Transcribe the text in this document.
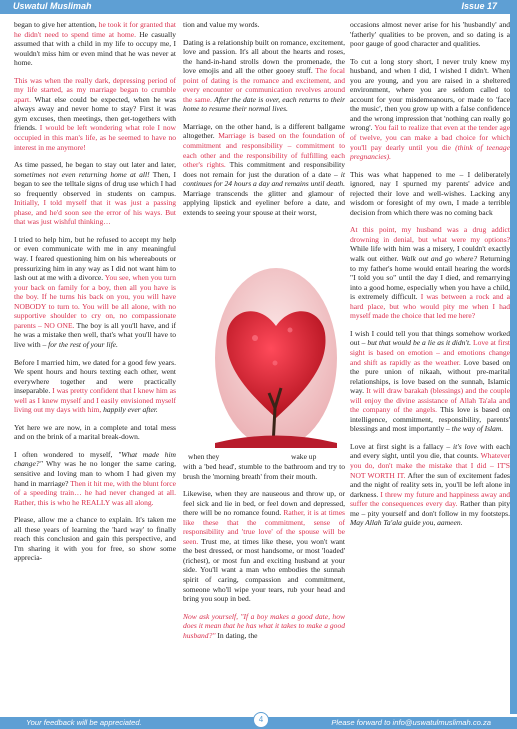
Uswatul Muslimah	Issue 17

began to give her attention, he took it for granted that he didn't need to spend time at home. He casually assumed that with a child in my life to occupy me, I wouldn't miss him or even mind that he was never at home.

This was when the really dark, depressing period of my life started, as my marriage began to crumble apart. What else could be expected, when he was always away and never home to stay? First it was gym excuses, then meetings, then get-togethers with friends. I would be left wondering what role I now occupied in this man's life, as he seemed to have no interest in me anymore!

As time passed, he began to stay out later and later, sometimes not even returning home at all! Then, I began to see the telltale signs of drug use which I had so frequently observed in students on campus. Initially, I told myself that it was just a passing phase, and he'd soon see the error of his ways. But that was just wishful thinking…

I tried to help him, but he refused to accept my help or even communicate with me in any meaningful way. I feared questioning him on his whereabouts or pressurizing him in any way as I did not want him to lash out at me with a divorce. You see, when you turn your back on family for a boy, then all you have is the boy. If he turns his back on you, you will have NOBODY to turn to. You will be all alone, with no supportive shoulder to cry on, no compassionate parents – NO ONE. The boy is all you'll have, and if he was a mistake then well, that's what you'll have to live with – for the rest of your life.

Before I married him, we dated for a good few years. We spent hours and hours texting each other, went everywhere together and were practically inseparable. I was pretty confident that I knew him as well as I knew myself and I easily envisioned myself living out my days with him, happily ever after.

Yet here we are now, in a complete and total mess and on the brink of a marital break-down.

I often wondered to myself, "What made him change?" Why was he no longer the same caring, sensitive and loving man to whom I had given my hand in marriage? Then it hit me, with the blunt force of a speeding train… he had never changed at all. Rather, this is who he REALLY was all along.

Please, allow me a chance to explain. It's taken me all these years of learning the 'hard way' to finally reach this conclusion and gain this perspective, and I'm sharing it with you for free, so show some apprecia-

tion and value my words.

Dating is a relationship built on romance, excitement, love and passion. It's all about the hearts and roses, the hand-in-hand strolls down the promenade, the love emojis and all the other gooey stuff. The focal point of dating is the romance and excitement, and every encounter or communication revolves around the same. After the date is over, each returns to their home to resume their normal lives.

Marriage, on the other hand, is a different ballgame altogether. Marriage is based on the foundation of commitment and responsibility – commitment to each other and the responsibility of fulfilling each other's rights. This commitment and responsibility does not remain for just the duration of a date – it continues for 24 hours a day and remains until death. Marriage transcends the glitter and glamour of applying lipstick and eyeliner before a date, and extends to seeing your spouse at their worst,

when they	wake up

with a 'bed head', stumble to the bathroom and try to brush the 'morning breath' from their mouth.

Likewise, when they are nauseous and throw up, or feel sick and lie in bed, or feel down and depressed, there will be no romance found. Rather, it is at times like these that the commitment, sense of responsibility and 'true love' of the spouse will be seen. Trust me, at times like these, you won't want the best dressed, or most handsome, or most 'loaded' (richest), or most fun and exciting husband at your side. You'll want a man who embodies the sunnah spirit of caring, compassion and commitment, someone who'll wipe your tears, rub your head and bring you soup in bed.

Now ask yourself, "If a boy makes a good date, how does it mean that he has what it takes to make a good husband?" In dating, the

occasions almost never arise for his 'husbandly' and 'fatherly' qualities to be proven, and so dating is a poor gauge of good character and qualities.

To cut a long story short, I never truly knew my husband, and when I did, I wished I didn't. When you are young, and you are raised in a sheltered environment, where you are seldom called to account for your misdemeanours, or made to 'face the music', then you grow up with a false confidence and the wrong impression that 'nothing can really go wrong'. You fail to realize that even at the tender age of twelve, you can make a bad choice for which you'll pay dearly until you die (think of teenage pregnancies).

This was what happened to me – I deliberately ignored, nay I spurned my parents' advice and rejected their love and well-wishes. Lacking any wisdom or foresight of my own, I made a terrible decision from which there was no coming back

At this point, my husband was a drug addict drowning in denial, but what were my options? While life with him was a misery, I couldn't exactly walk out either. Walk out and go where? Returning to my father's home would entail hearing the words "I told you so" until the day I died, and remarrying into a good home, especially when you have a child, is extremely difficult. I was between a rock and a hard place, but who would pity me when I had myself made the choice that led me here?

I wish I could tell you that things somehow worked out – but that would be a lie as it didn't. Love at first sight is based on emotion – and emotions change and shift as rapidly as the weather. Love based on the pure union of nikaah, without pre-marital relationships, is love based on the sunnah, Islamic way. It will draw barakah (blessings) and the couple will enjoy the divine assistance of Allah Ta'ala and the company of the angels. This love is based on intelligence, commitment, responsibility, parents' blessings and most importantly – the way of Islam.

Love at first sight is a fallacy – it's love with each and every sight, until you die, that counts. Whatever you do, don't make the mistake that I did – IT'S NOT WORTH IT. After the sun of excitement fades and the night of reality sets in, you'll be left alone in darkness. I threw my future and happiness away and suffer the consequences every day. Rather than pity me – pity yourself and don't follow in my footsteps. May Allah Ta'ala guide you, aameen.

Your feedback will be appreciated.	Please forward to info@uswatulmuslimah.co.za
4
